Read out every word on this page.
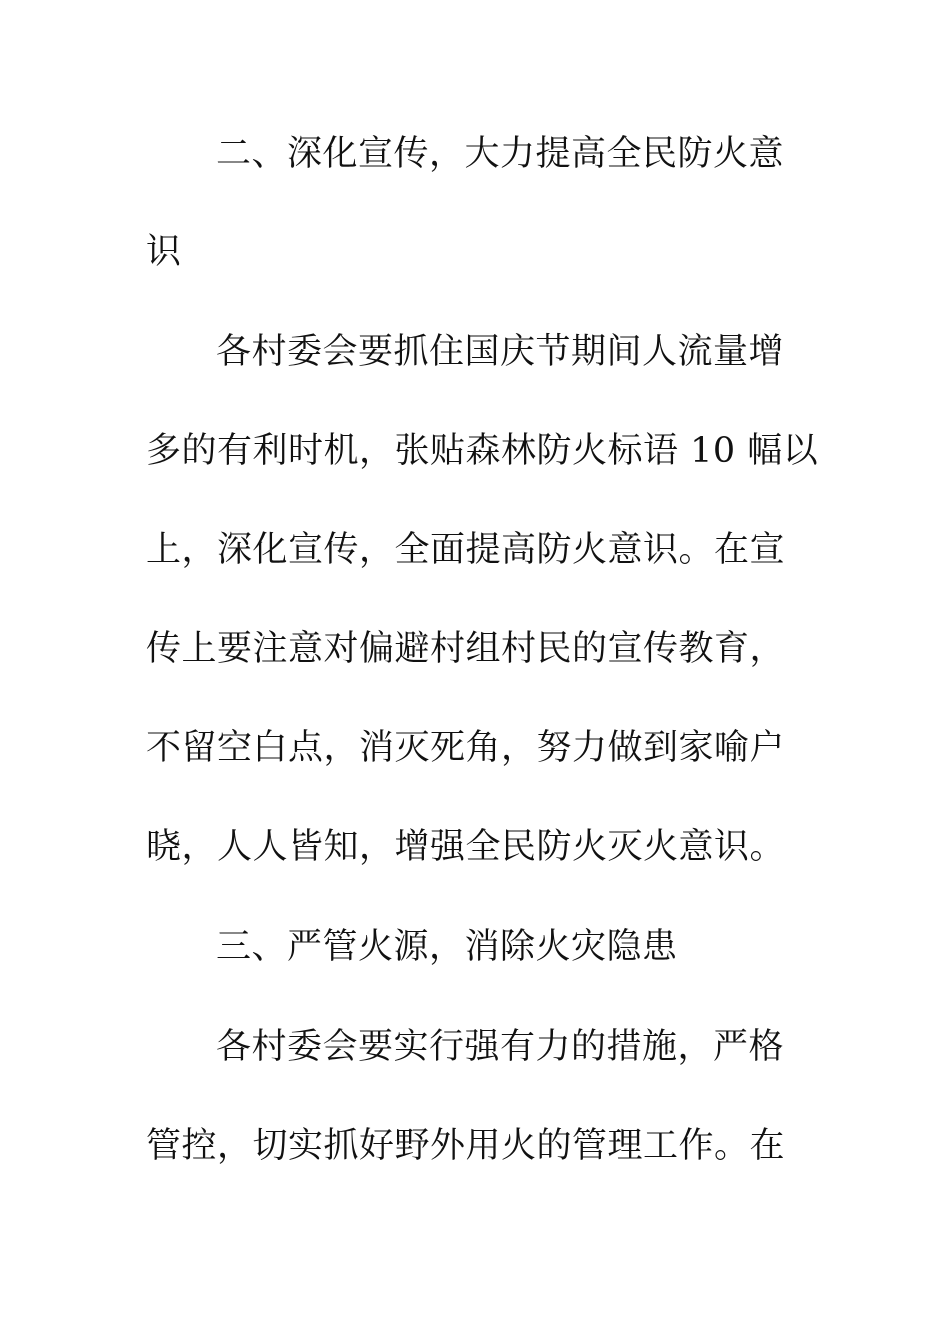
二、深化宣传，大力提高全民防火意

识

各村委会要抓住国庆节期间人流量增

多的有利时机，张贴森林防火标语 10 幅以

上，深化宣传，全面提高防火意识。在宣

传上要注意对偏避村组村民的宣传教育，

不留空白点，消灭死角，努力做到家喻户

晓，人人皆知，增强全民防火灭火意识。

三、严管火源，消除火灾隐患

各村委会要实行强有力的措施，严格

管控，切实抓好野外用火的管理工作。在
